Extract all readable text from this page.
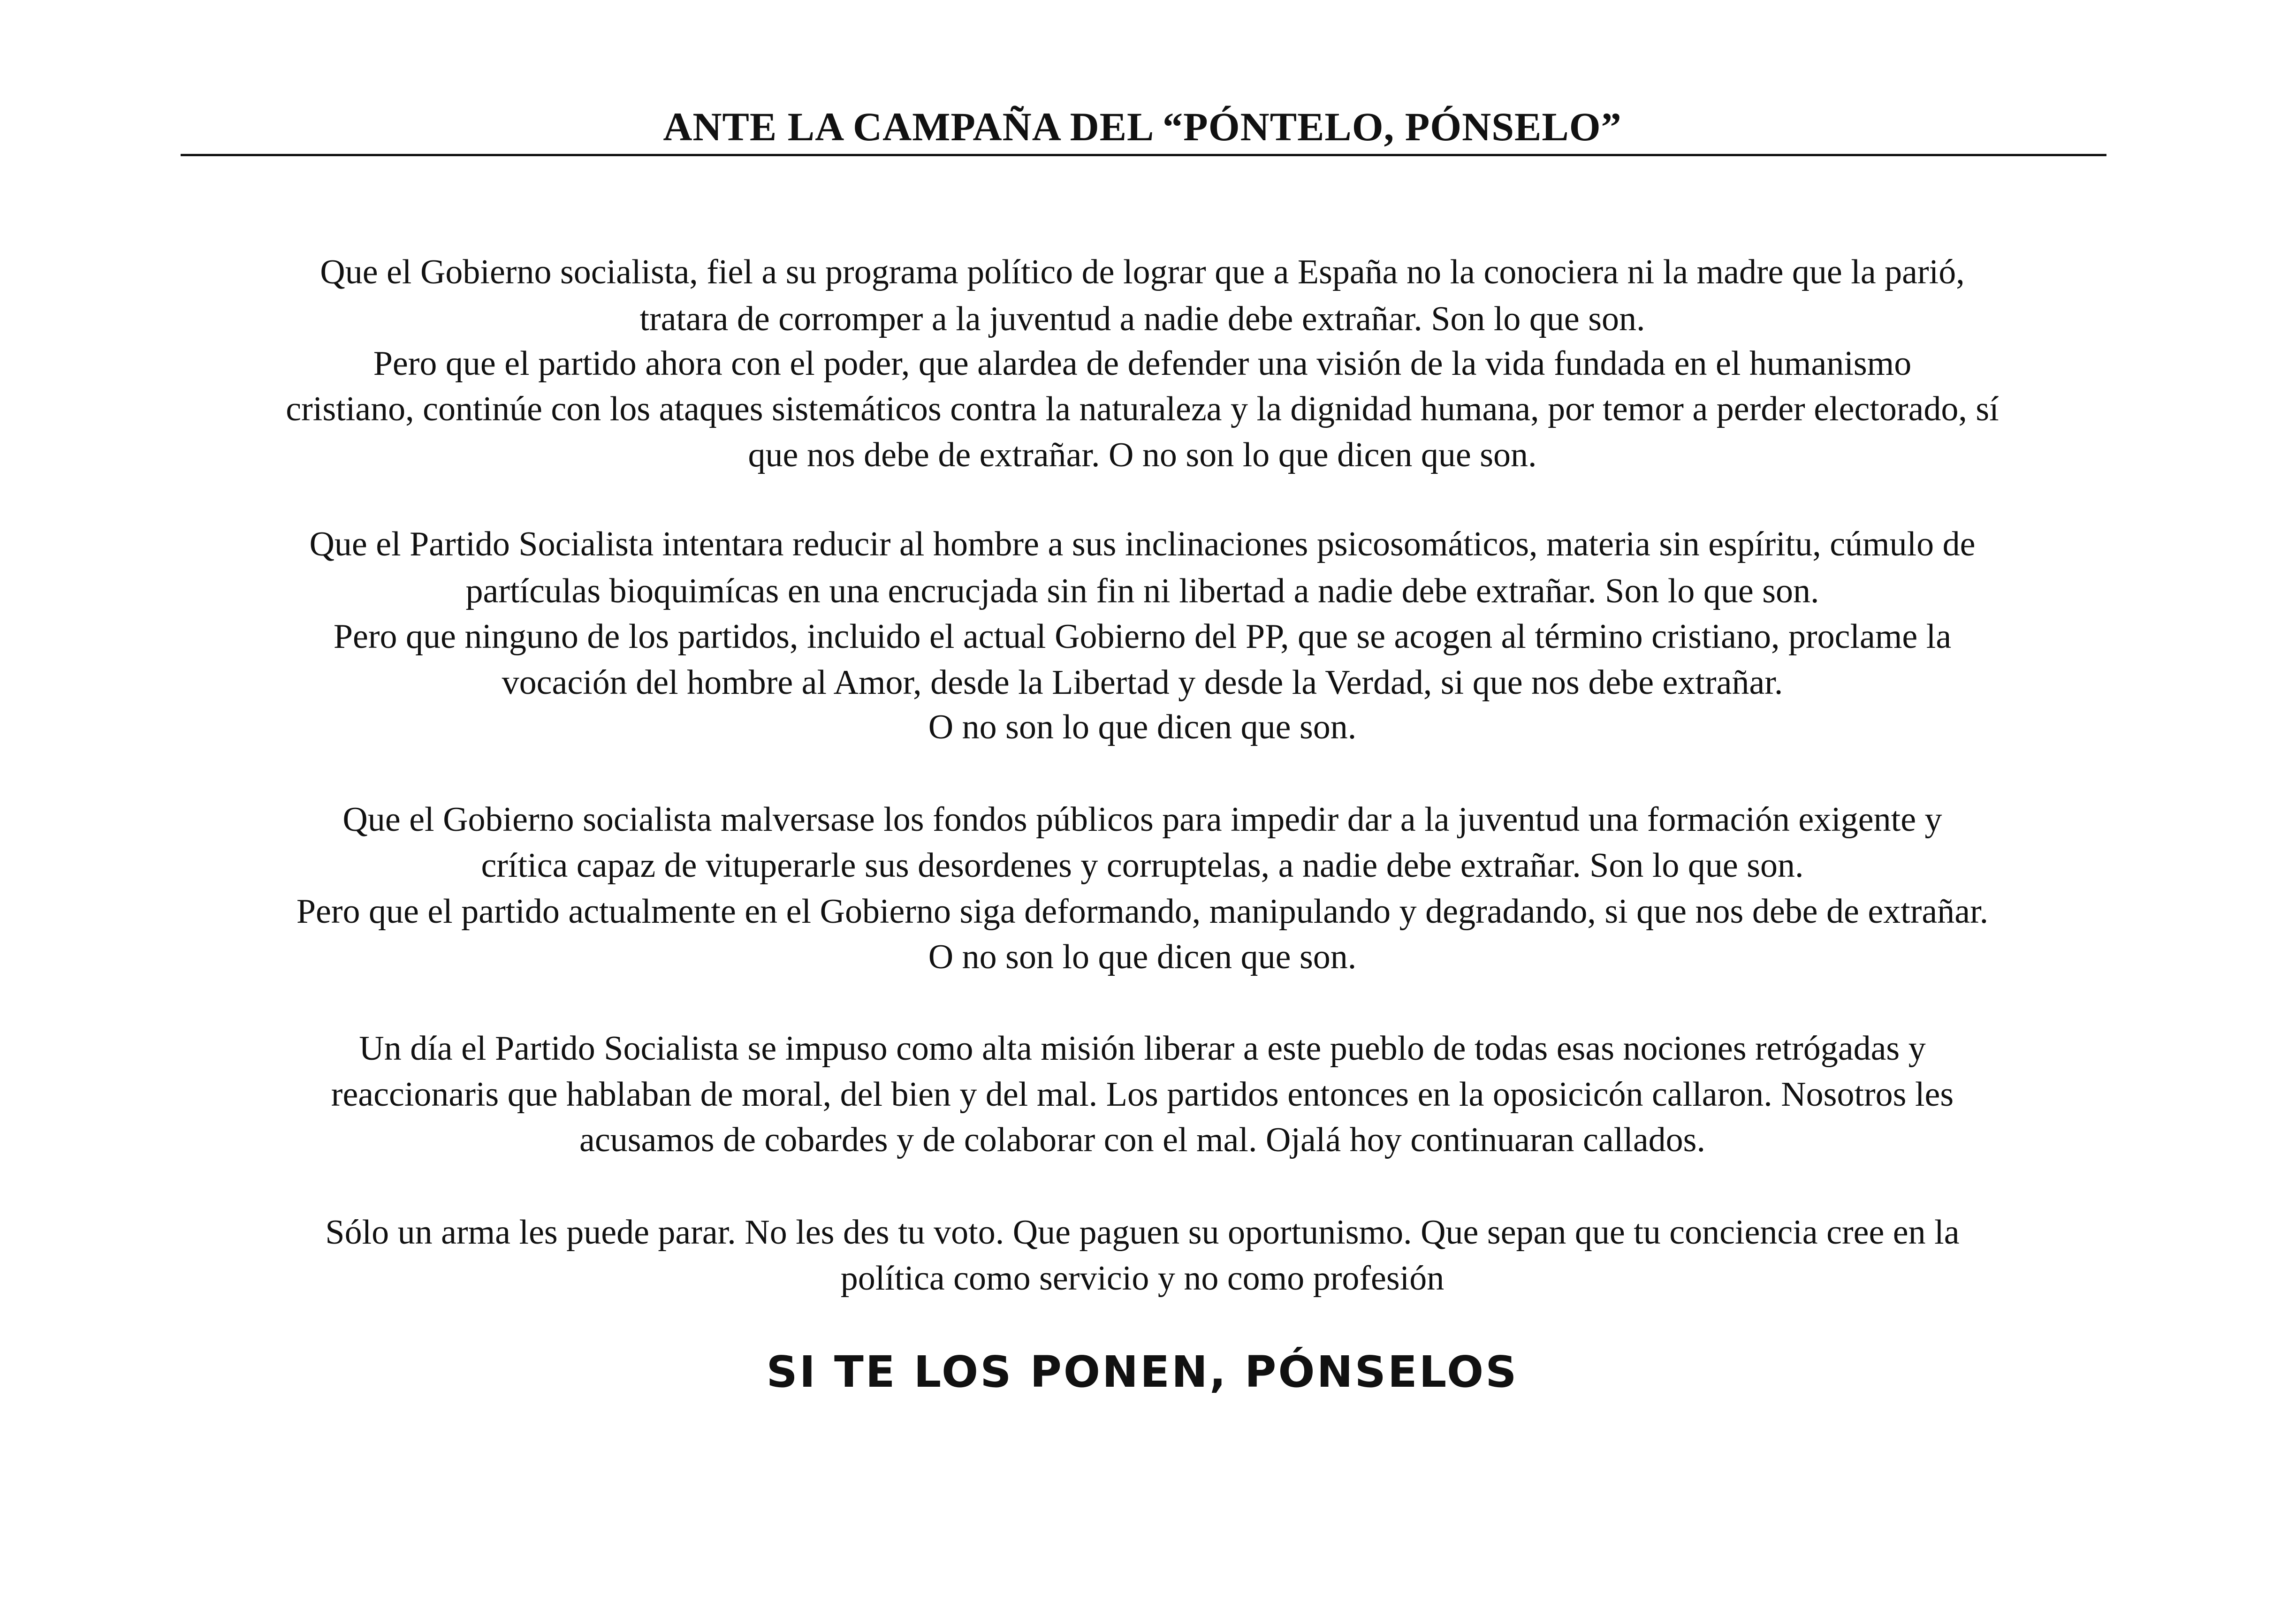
ANTE LA CAMPAÑA DEL “PÓNTELO, PÓNSELO”
Que el Gobierno socialista, fiel a su programa político de lograr que a España no la conociera ni la madre que la parió,
tratara de corromper a la juventud a nadie debe extrañar. Son lo que son.
Pero que el partido ahora con el poder, que alardea de defender una visión de la vida fundada en el humanismo
cristiano, continúe con los ataques sistemáticos contra la naturaleza y la dignidad humana, por temor a perder electorado, sí
que nos debe de extrañar. O no son lo que dicen que son.
Que el Partido Socialista intentara reducir al hombre a sus inclinaciones psicosomáticos, materia sin espíritu, cúmulo de
partículas bioquimícas en una encrucjada sin fin ni libertad a nadie debe extrañar. Son lo que son.
Pero que ninguno de los partidos, incluido el actual Gobierno del PP, que se acogen al término cristiano, proclame la
vocación del hombre al Amor, desde la Libertad y desde la Verdad, si que nos debe extrañar.
O no son lo que dicen que son.
Que el Gobierno socialista malversase los fondos públicos para impedir dar a la juventud una formación exigente y
crítica capaz de vituperarle sus desordenes y corruptelas, a nadie debe extrañar. Son lo que son.
Pero que el partido actualmente en el Gobierno siga deformando, manipulando y degradando, si que nos debe de extrañar.
O no son lo que dicen que son.
Un día el Partido Socialista se impuso como alta misión liberar a este pueblo de todas esas nociones retrógadas y
reaccionaris que hablaban de moral, del bien y del mal. Los partidos entonces en la oposicicón callaron. Nosotros les
acusamos de cobardes y de colaborar con el mal. Ojalá hoy continuaran callados.
Sólo un arma les puede parar. No les des tu voto. Que paguen su oportunismo. Que sepan que tu conciencia cree en la
política como servicio y no como profesión
SI TE LOS PONEN, PÓNSELOS
